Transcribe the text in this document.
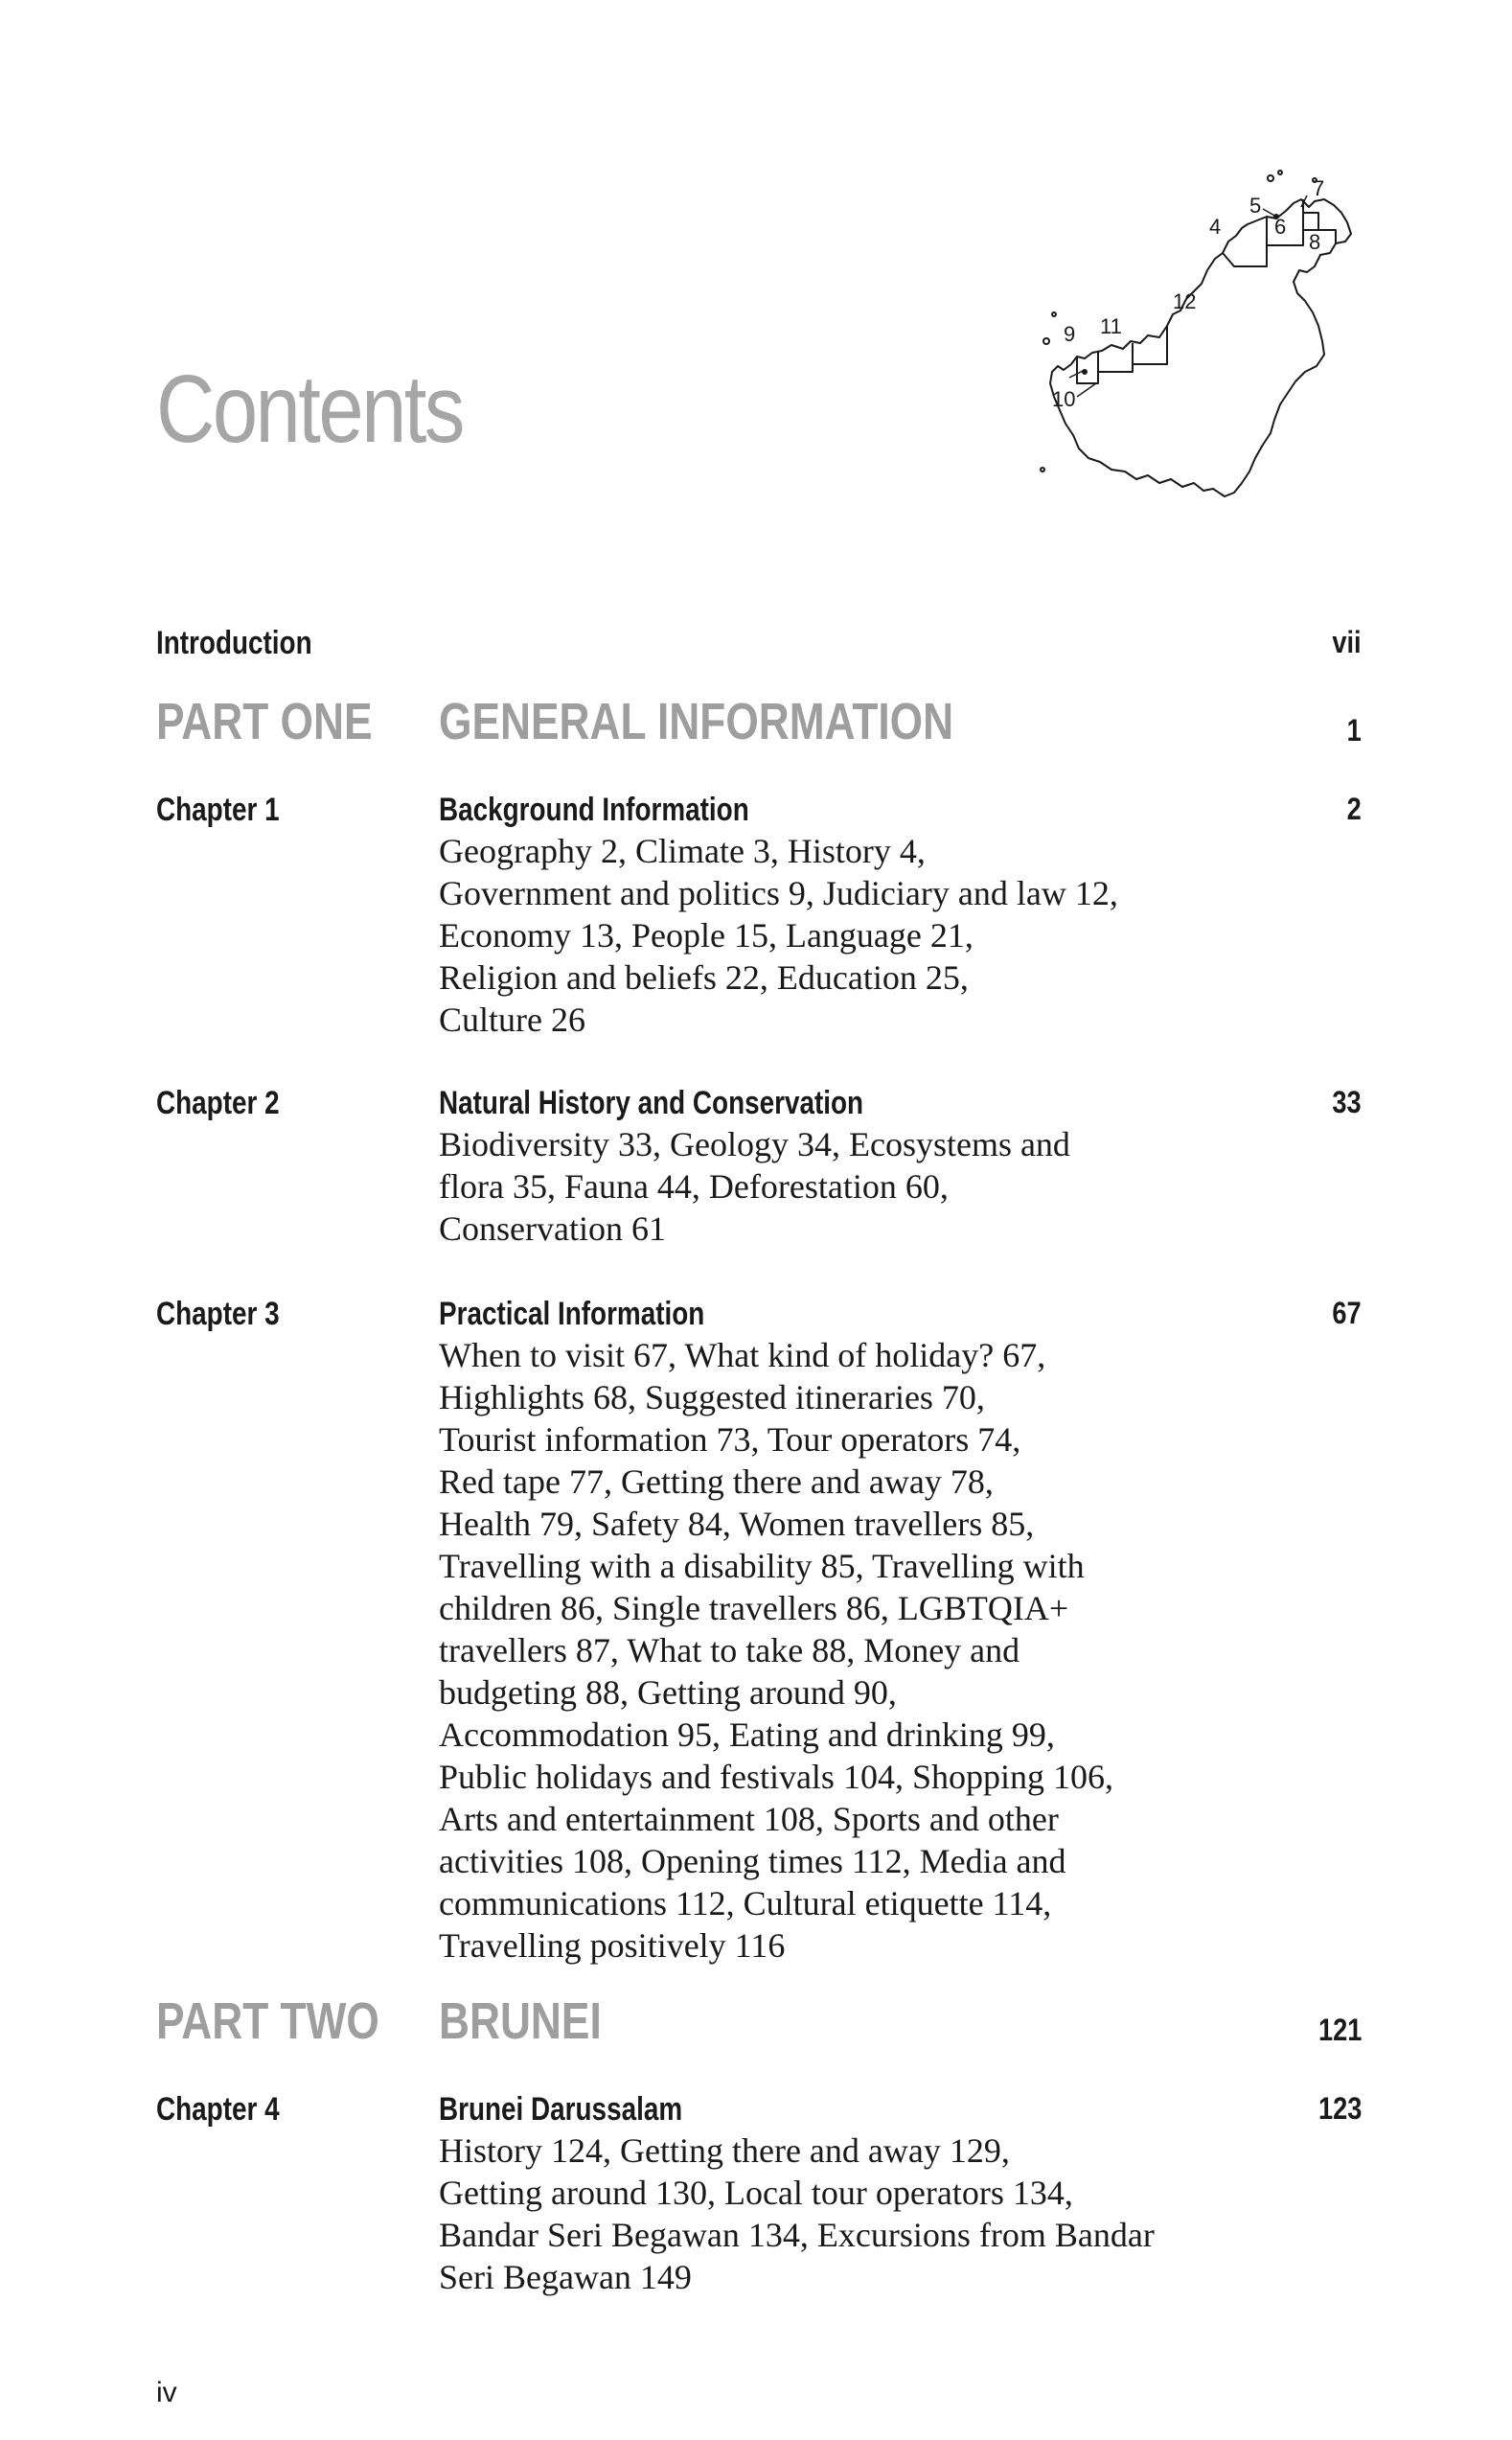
Contents
4
5
6
7
8
9
10
11
12
Introduction	vii
PART ONE GENERAL INFORMATION	1
Chapter 1	Background Information	2
Geography 2, Climate 3, History 4,
Government and politics 9, Judiciary and law 12,
Economy 13, People 15, Language 21,
Religion and beliefs 22, Education 25,
Culture 26
Chapter 2	Natural History and Conservation	33
Biodiversity 33, Geology 34, Ecosystems and
flora 35, Fauna 44, Deforestation 60,
Conservation 61
Chapter 3	Practical Information	67
When to visit 67, What kind of holiday? 67,
Highlights 68, Suggested itineraries 70,
Tourist information 73, Tour operators 74,
Red tape 77, Getting there and away 78,
Health 79, Safety 84, Women travellers 85,
Travelling with a disability 85, Travelling with
children 86, Single travellers 86, LGBTQIA+
travellers 87, What to take 88, Money and
budgeting 88, Getting around 90,
Accommodation 95, Eating and drinking 99,
Public holidays and festivals 104, Shopping 106,
Arts and entertainment 108, Sports and other
activities 108, Opening times 112, Media and
communications 112, Cultural etiquette 114,
Travelling positively 116
PART TWO BRUNEI	121
Chapter 4	Brunei Darussalam	123
History 124, Getting there and away 129,
Getting around 130, Local tour operators 134,
Bandar Seri Begawan 134, Excursions from Bandar
Seri Begawan 149
iv
